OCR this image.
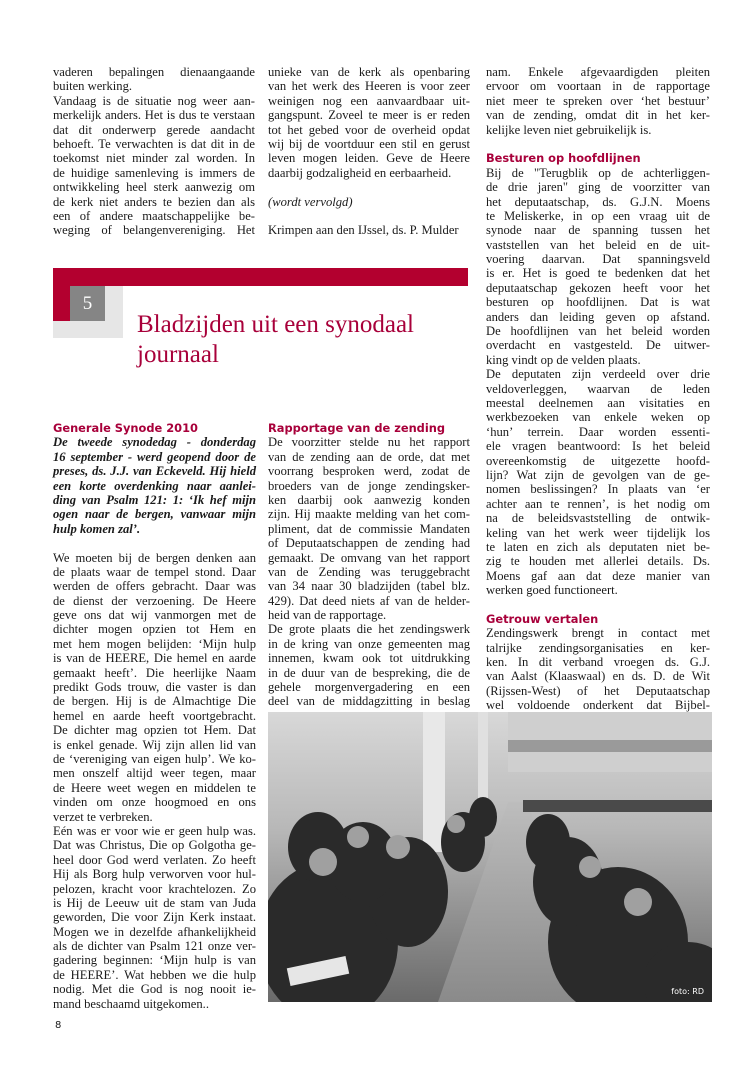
vaderen bepalingen dienaangaande
buiten werking.
Vandaag is de situatie nog weer aan-
merkelijk anders. Het is dus te verstaan
dat dit onderwerp gerede aandacht
behoeft. Te verwachten is dat dit in de
toekomst niet minder zal worden. In
de huidige samenleving is immers de
ontwikkeling heel sterk aanwezig om
de kerk niet anders te bezien dan als
een of andere maatschappelijke be-
weging of belangenvereniging. Het
unieke van de kerk als openbaring
van het werk des Heeren is voor zeer
weinigen nog een aanvaardbaar uit-
gangspunt. Zoveel te meer is er reden
tot het gebed voor de overheid opdat
wij bij de voortduur een stil en gerust
leven mogen leiden. Geve de Heere
daarbij godzaligheid en eerbaarheid.
(wordt vervolgd)
Krimpen aan den IJssel, ds. P. Mulder
nam. Enkele afgevaardigden pleiten
ervoor om voortaan in de rapportage
niet meer te spreken over ‘het bestuur’
van de zending, omdat dit in het ker-
kelijke leven niet gebruikelijk is.
Besturen op hoofdlijnen
Bij de "Terugblik op de achterliggen-
de drie jaren" ging de voorzitter van
het deputaatschap, ds. G.J.N. Moens
te Meliskerke, in op een vraag uit de
synode naar de spanning tussen het
vaststellen van het beleid en de uit-
voering daarvan. Dat spanningsveld
is er. Het is goed te bedenken dat het
deputaatschap gekozen heeft voor het
besturen op hoofdlijnen. Dat is wat
anders dan leiding geven op afstand.
De hoofdlijnen van het beleid worden
overdacht en vastgesteld. De uitwer-
king vindt op de velden plaats.
De deputaten zijn verdeeld over drie
veldoverleggen, waarvan de leden
meestal deelnemen aan visitaties en
werkbezoeken van enkele weken op
‘hun’ terrein. Daar worden essenti-
ele vragen beantwoord: Is het beleid
overeenkomstig de uitgezette hoofd-
lijn? Wat zijn de gevolgen van de ge-
nomen beslissingen? In plaats van ‘er
achter aan te rennen’, is het nodig om
na de beleidsvaststelling de ontwik-
keling van het werk weer tijdelijk los
te laten en zich als deputaten niet be-
zig te houden met allerlei details. Ds.
Moens gaf aan dat deze manier van
werken goed functioneert.
Getrouw vertalen
Zendingswerk brengt in contact met
talrijke zendingsorganisaties en ker-
ken. In dit verband vroegen ds. G.J.
van Aalst (Klaaswaal) en ds. D. de Wit
(Rijssen-West) of het Deputaatschap
wel voldoende onderkent dat Bijbel-
5
Bladzijden uit een synodaal
journaal
Generale Synode 2010
De tweede synodedag - donderdag
16 september - werd geopend door de
preses, ds. J.J. van Eckeveld. Hij hield
een korte overdenking naar aanlei-
ding van Psalm 121: 1: ‘Ik hef mijn
ogen naar de bergen, vanwaar mijn
hulp komen zal’.
We moeten bij de bergen denken aan
de plaats waar de tempel stond. Daar
werden de offers gebracht. Daar was
de dienst der verzoening. De Heere
geve ons dat wij vanmorgen met de
dichter mogen opzien tot Hem en
met hem mogen belijden: ‘Mijn hulp
is van de HEERE, Die hemel en aarde
gemaakt heeft’. Die heerlijke Naam
predikt Gods trouw, die vaster is dan
de bergen. Hij is de Almachtige Die
hemel en aarde heeft voortgebracht.
De dichter mag opzien tot Hem. Dat
is enkel genade. Wij zijn allen lid van
de ‘vereniging van eigen hulp’. We ko-
men onszelf altijd weer tegen, maar
de Heere weet wegen en middelen te
vinden om onze hoogmoed en ons
verzet te verbreken.
Eén was er voor wie er geen hulp was.
Dat was Christus, Die op Golgotha ge-
heel door God werd verlaten. Zo heeft
Hij als Borg hulp verworven voor hul-
pelozen, kracht voor krachtelozen. Zo
is Hij de Leeuw uit de stam van Juda
geworden, Die voor Zijn Kerk instaat.
Mogen we in dezelfde afhankelijkheid
als de dichter van Psalm 121 onze ver-
gadering beginnen: ‘Mijn hulp is van
de HEERE’. Wat hebben we die hulp
nodig. Met die God is nog nooit ie-
mand beschaamd uitgekomen..
Rapportage van de zending
De voorzitter stelde nu het rapport
van de zending aan de orde, dat met
voorrang besproken werd, zodat de
broeders van de jonge zendingsker-
ken daarbij ook aanwezig konden
zijn. Hij maakte melding van het com-
pliment, dat de commissie Mandaten
of Deputaatschappen de zending had
gemaakt. De omvang van het rapport
van de Zending was teruggebracht
van 34 naar 30 bladzijden (tabel blz.
429). Dat deed niets af van de helder-
heid van de rapportage.
De grote plaats die het zendingswerk
in de kring van onze gemeenten mag
innemen, kwam ook tot uitdrukking
in de duur van de bespreking, die de
gehele morgenvergadering en een
deel van de middagzitting in beslag
foto: RD
8
